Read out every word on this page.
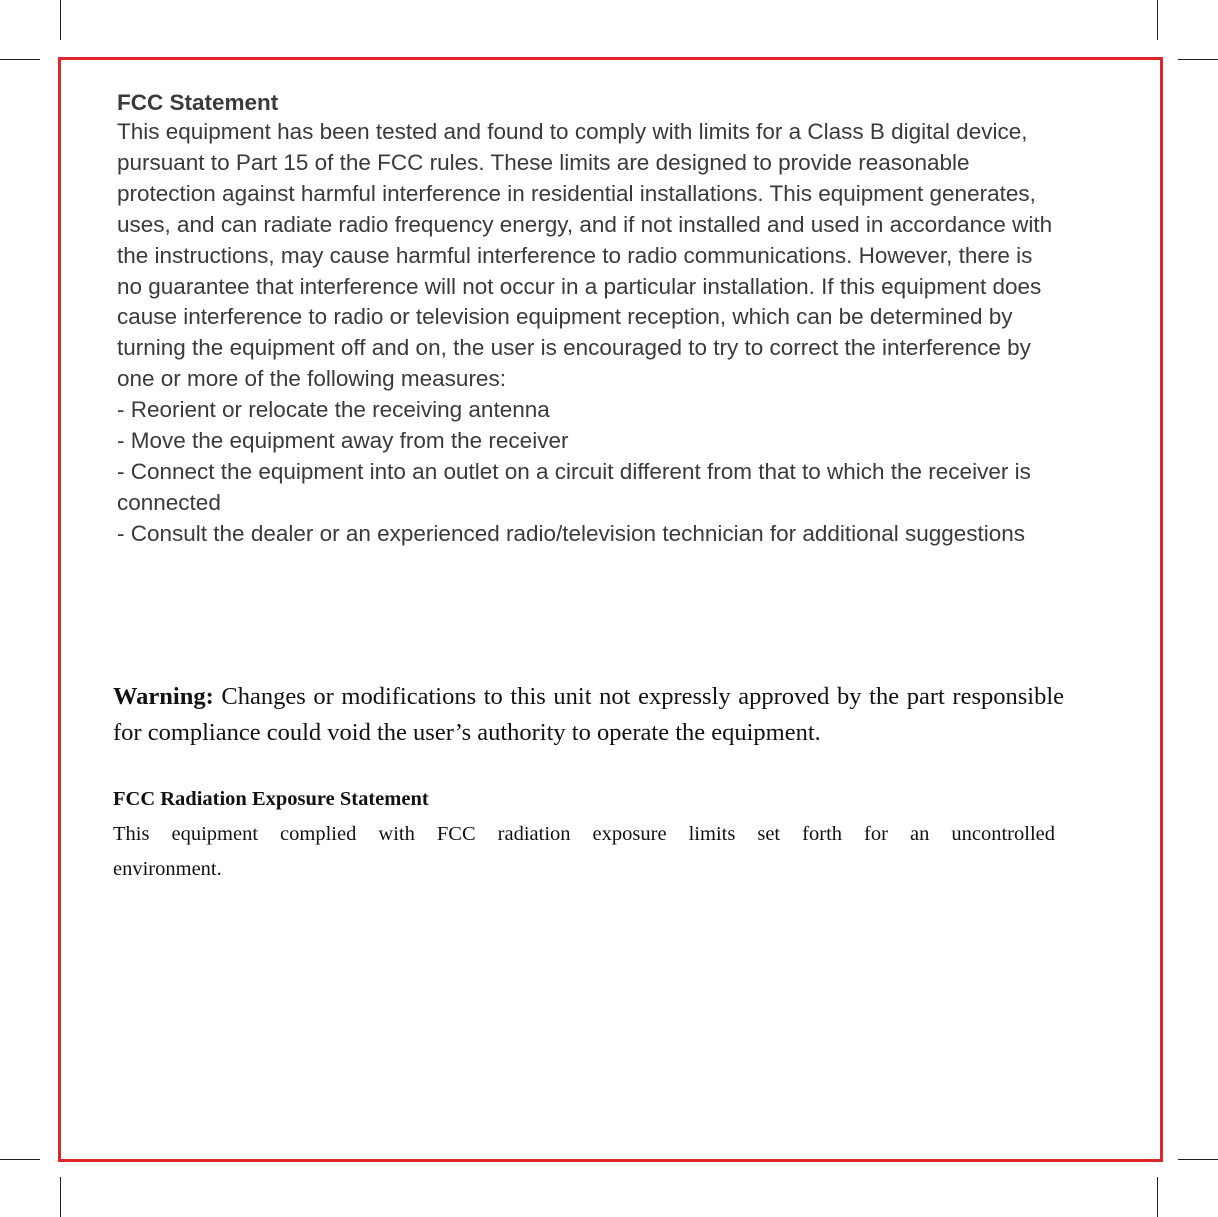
FCC Statement

This equipment has been tested and found to comply with limits for a Class B digital device, pursuant to Part 15 of the FCC rules. These limits are designed to provide reasonable protection against harmful interference in residential installations. This equipment generates, uses, and can radiate radio frequency energy, and if not installed and used in accordance with the instructions, may cause harmful interference to radio communications. However, there is no guarantee that interference will not occur in a particular installation. If this equipment does cause interference to radio or television equipment reception, which can be determined by turning the equipment off and on, the user is encouraged to try to correct the interference by one or more of the following measures:

- Reorient or relocate the receiving antenna
- Move the equipment away from the receiver
- Connect the equipment into an outlet on a circuit different from that to which the receiver is connected
- Consult the dealer or an experienced radio/television technician for additional suggestions

Warning: Changes or modifications to this unit not expressly approved by the part responsible for compliance could void the user’s authority to operate the equipment.

FCC Radiation Exposure Statement

This equipment complied with FCC radiation exposure limits set forth for an uncontrolled environment.
